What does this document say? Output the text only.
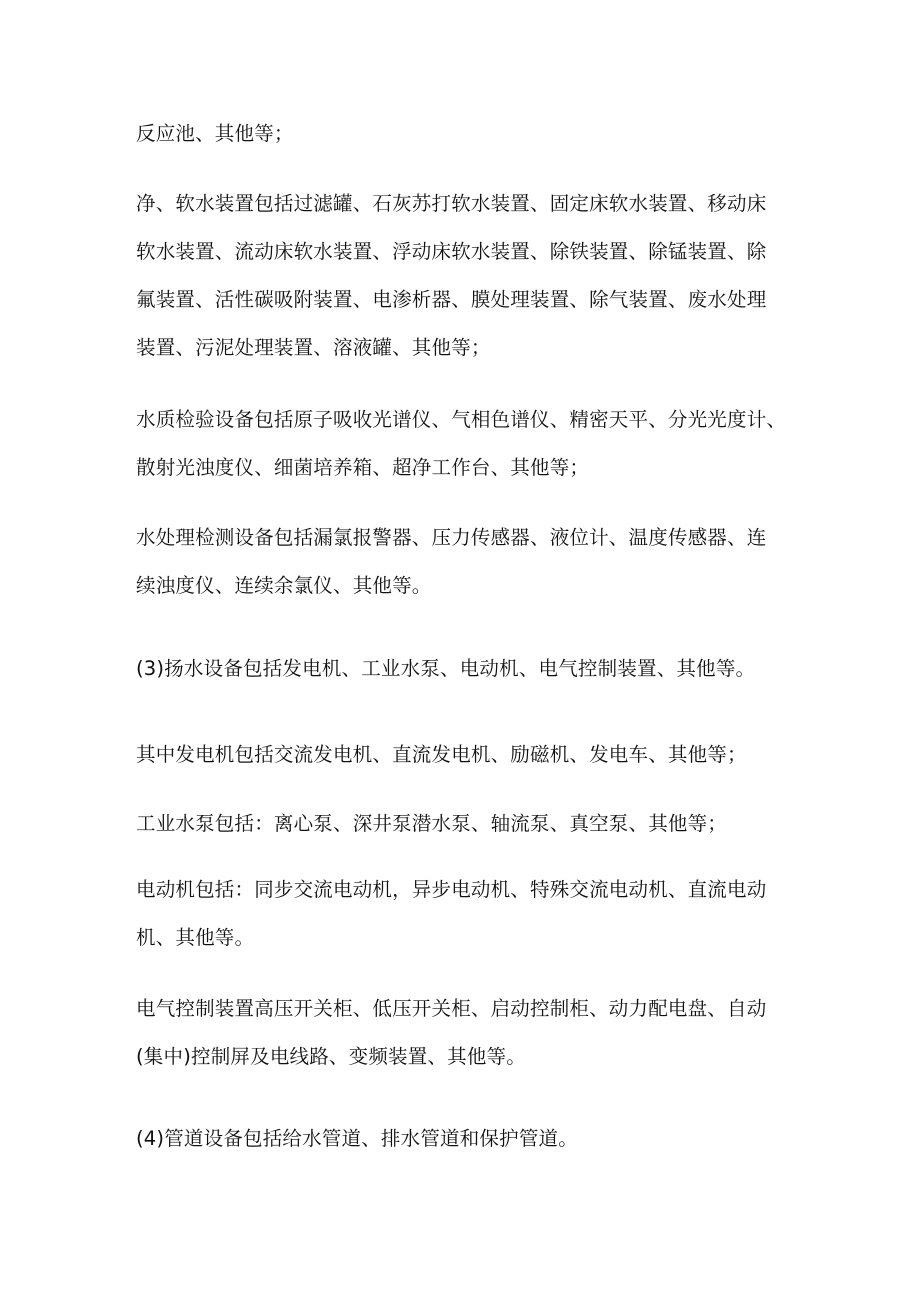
反应池、其他等；

净、软水装置包括过滤罐、石灰苏打软水装置、固定床软水装置、移动床
软水装置、流动床软水装置、浮动床软水装置、除铁装置、除锰装置、除
氟装置、活性碳吸附装置、电渗析器、膜处理装置、除气装置、废水处理
装置、污泥处理装置、溶液罐、其他等；

水质检验设备包括原子吸收光谱仪、气相色谱仪、精密天平、分光光度计、
散射光浊度仪、细菌培养箱、超净工作台、其他等；

水处理检测设备包括漏氯报警器、压力传感器、液位计、温度传感器、连
续浊度仪、连续余氯仪、其他等。

(3)扬水设备包括发电机、工业水泵、电动机、电气控制装置、其他等。

其中发电机包括交流发电机、直流发电机、励磁机、发电车、其他等；

工业水泵包括：离心泵、深井泵潜水泵、轴流泵、真空泵、其他等；

电动机包括：同步交流电动机，异步电动机、特殊交流电动机、直流电动
机、其他等。

电气控制装置高压开关柜、低压开关柜、启动控制柜、动力配电盘、自动
(集中)控制屏及电线路、变频装置、其他等。

(4)管道设备包括给水管道、排水管道和保护管道。
